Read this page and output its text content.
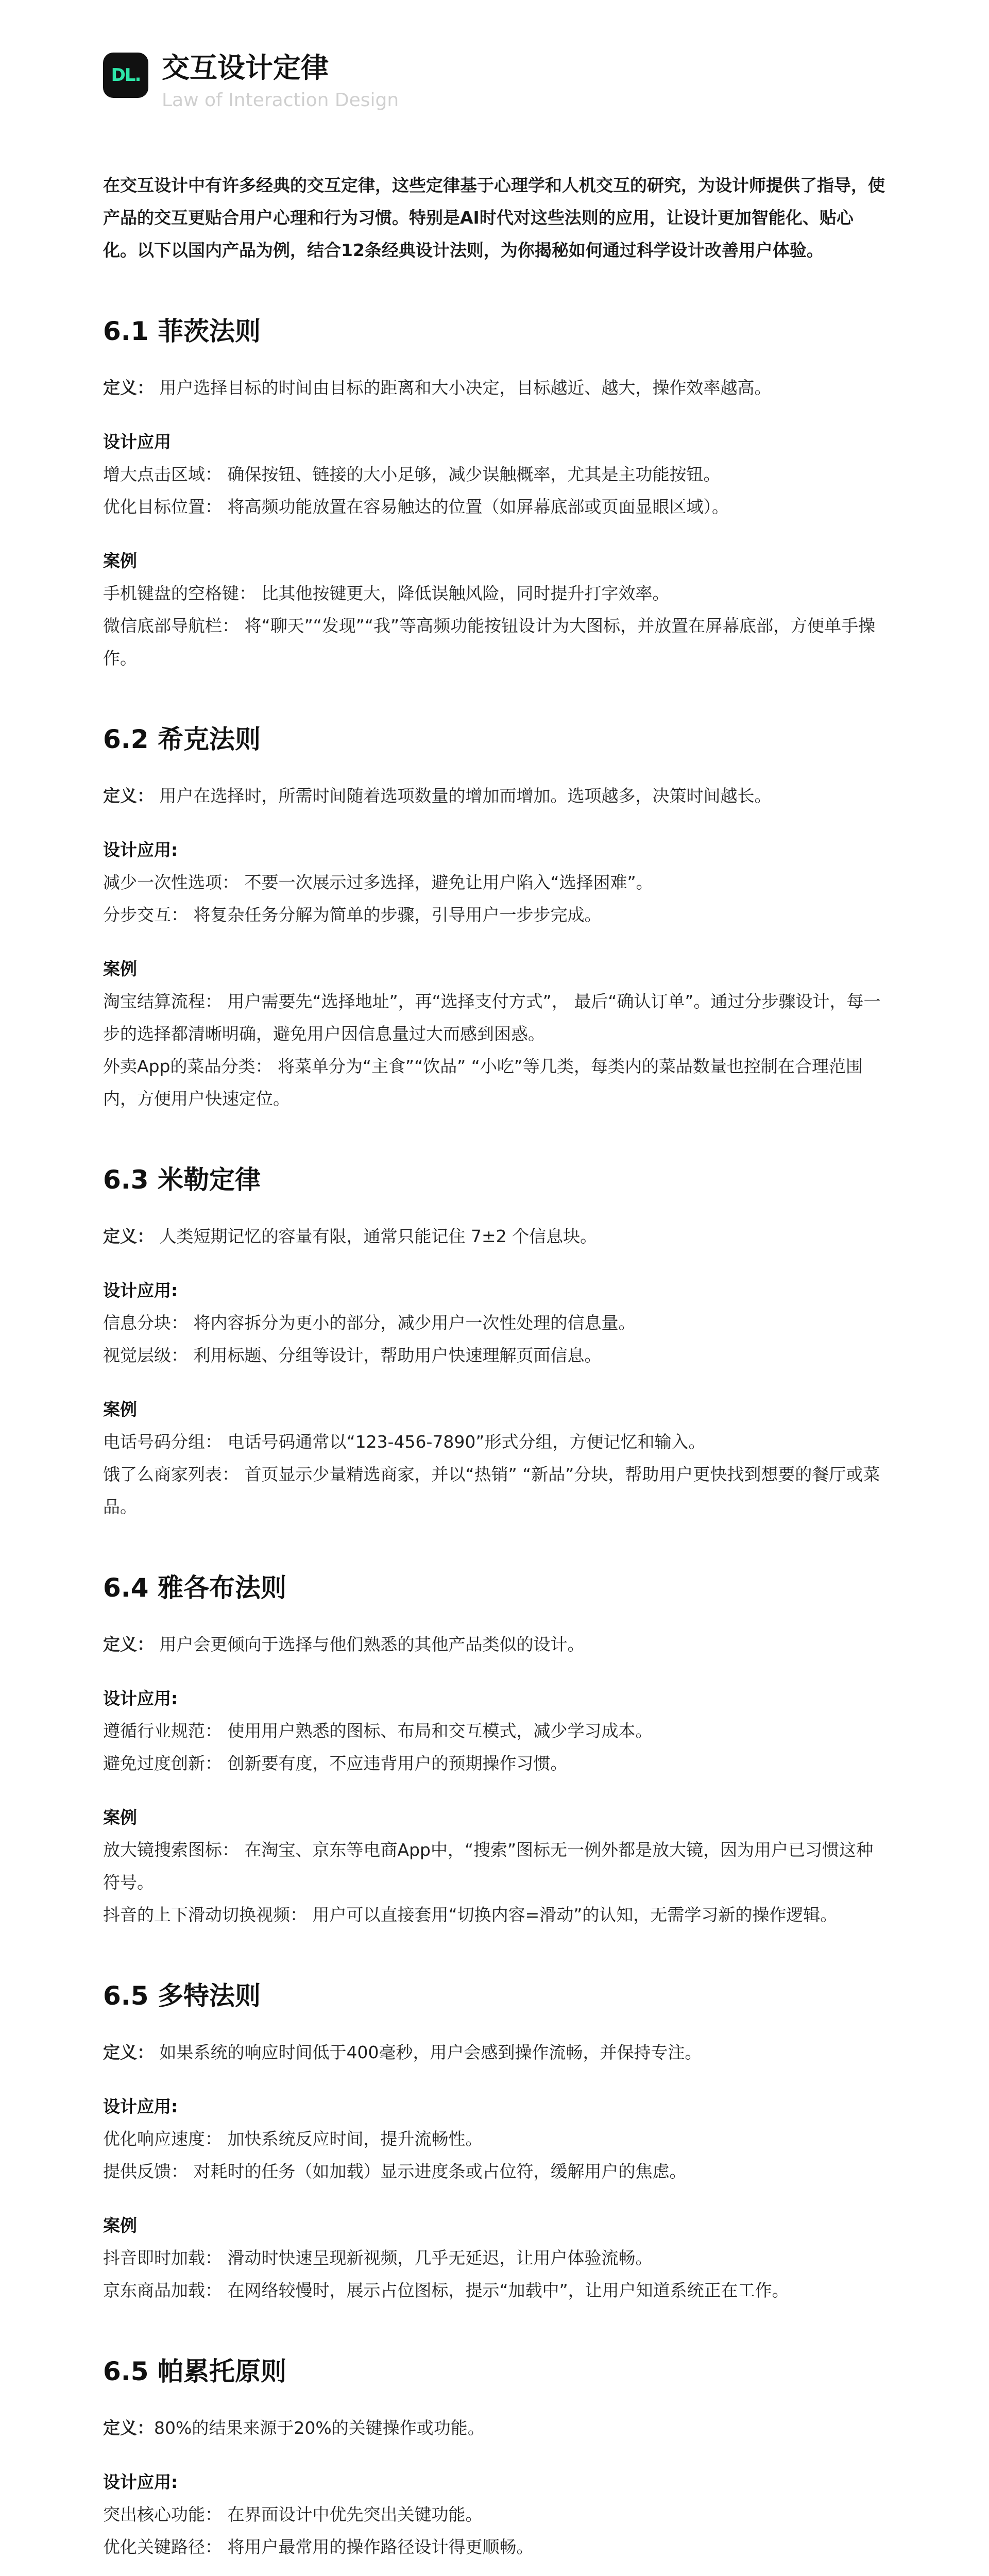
DL. 交互设计定律
Law of Interaction Design
在交互设计中有许多经典的交互定律，这些定律基于心理学和人机交互的研究，为设计师提供了指导，使产品的交互更贴合用户心理和行为习惯。特别是AI时代对这些法则的应用，让设计更加智能化、贴心化。以下以国内产品为例，结合12条经典设计法则，为你揭秘如何通过科学设计改善用户体验。
6.1 菲茨法则
定义： 用户选择目标的时间由目标的距离和大小决定，目标越近、越大，操作效率越高。
设计应用
增大点击区域： 确保按钮、链接的大小足够，减少误触概率，尤其是主功能按钮。
优化目标位置： 将高频功能放置在容易触达的位置（如屏幕底部或页面显眼区域）。
案例
手机键盘的空格键： 比其他按键更大，降低误触风险，同时提升打字效率。
微信底部导航栏： 将“聊天”“发现”“我”等高频功能按钮设计为大图标，并放置在屏幕底部，方便单手操作。
6.2 希克法则
定义： 用户在选择时，所需时间随着选项数量的增加而增加。选项越多，决策时间越长。
设计应用:
减少一次性选项： 不要一次展示过多选择，避免让用户陷入“选择困难”。
分步交互： 将复杂任务分解为简单的步骤，引导用户一步步完成。
案例
淘宝结算流程： 用户需要先“选择地址”，再“选择支付方式”， 最后“确认订单”。通过分步骤设计，每一步的选择都清晰明确，避免用户因信息量过大而感到困惑。
外卖App的菜品分类： 将菜单分为“主食”“饮品” “小吃”等几类，每类内的菜品数量也控制在合理范围内，方便用户快速定位。
6.3 米勒定律
定义： 人类短期记忆的容量有限，通常只能记住 7±2 个信息块。
设计应用:
信息分块： 将内容拆分为更小的部分，减少用户一次性处理的信息量。
视觉层级： 利用标题、分组等设计，帮助用户快速理解页面信息。
案例
电话号码分组： 电话号码通常以“123-456-7890”形式分组，方便记忆和输入。
饿了么商家列表： 首页显示少量精选商家，并以“热销” “新品”分块，帮助用户更快找到想要的餐厅或菜品。
6.4 雅各布法则
定义： 用户会更倾向于选择与他们熟悉的其他产品类似的设计。
设计应用:
遵循行业规范： 使用用户熟悉的图标、布局和交互模式，减少学习成本。
避免过度创新： 创新要有度，不应违背用户的预期操作习惯。
案例
放大镜搜索图标： 在淘宝、京东等电商App中，“搜索”图标无一例外都是放大镜，因为用户已习惯这种符号。
抖音的上下滑动切换视频： 用户可以直接套用“切换内容=滑动”的认知，无需学习新的操作逻辑。
6.5 多特法则
定义： 如果系统的响应时间低于400毫秒，用户会感到操作流畅，并保持专注。
设计应用:
优化响应速度： 加快系统反应时间，提升流畅性。
提供反馈： 对耗时的任务（如加载）显示进度条或占位符，缓解用户的焦虑。
案例
抖音即时加载： 滑动时快速呈现新视频，几乎无延迟，让用户体验流畅。
京东商品加载： 在网络较慢时，展示占位图标，提示“加载中”，让用户知道系统正在工作。
6.5 帕累托原则
定义：80%的结果来源于20%的关键操作或功能。
设计应用:
突出核心功能： 在界面设计中优先突出关键功能。
优化关键路径： 将用户最常用的操作路径设计得更顺畅。
